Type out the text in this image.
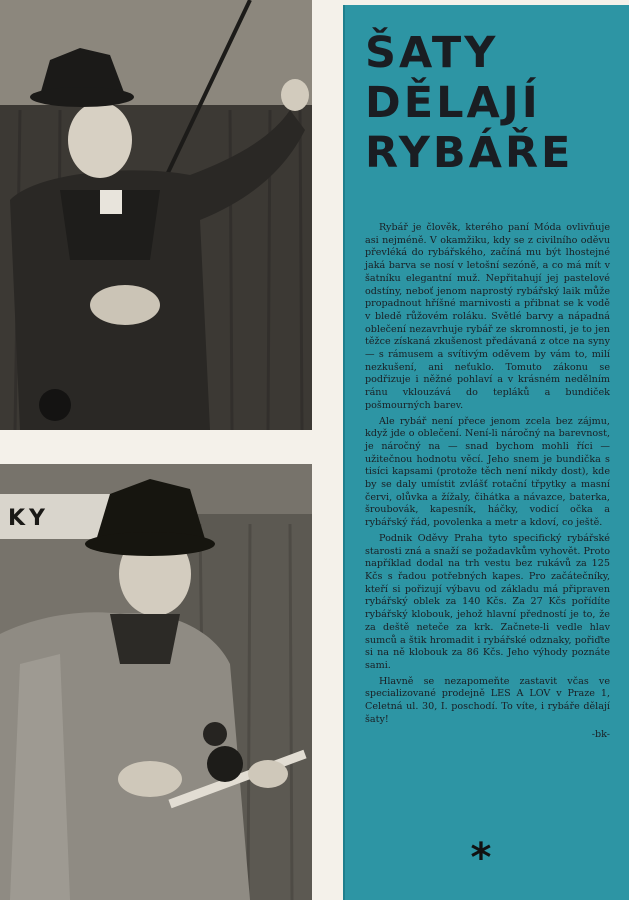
KY
ŠATY
DĚLAJÍ
RYBÁŘE

Rybář je člověk, kterého paní Móda ovlivňuje asi nejméně. V okamžiku, kdy se z civilního oděvu převléká do rybářského, začíná mu být lhostejné jaká barva se nosí v letošní sezóně, a co má mít v šatníku elegantní muž. Nepřitahují jej pastelové odstíny, neboť jenom naprostý rybářský laik může propadnout hříšné marnivosti a přibnat se k vodě v bledě růžovém roláku. Světlé barvy a nápadná oblečení nezavrhuje rybář ze skromnosti, je to jen těžce získaná zkušenost předávaná z otce na syny — s rámusem a svítivým oděvem by vám to, milí nezkušení, ani neťuklo. Tomuto zákonu se podřizuje i něžné pohlaví a v krásném nedělním ránu vklouzává do tepláků a bundiček pošmourných barev.

Ale rybář není přece jenom zcela bez zájmu, když jde o oblečení. Není-li náročný na barevnost, je náročný na — snad bychom mohli říci — užitečnou hodnotu věcí. Jeho snem je bundička s tisíci kapsami (protože těch není nikdy dost), kde by se daly umístit zvlášť rotační třpytky a masní červi, olůvka a žížaly, čihátka a návazce, baterka, šroubovák, kapesník, háčky, vodicí očka a rybářský řád, povolenka a metr a kdoví, co ještě.

Podnik Oděvy Praha tyto specifický rybářské starosti zná a snaží se požadavkům vyhovět. Proto například dodal na trh vestu bez rukávů za 125 Kčs s řadou potřebných kapes. Pro začátečníky, kteří si pořizují výbavu od základu má připraven rybářský oblek za 140 Kčs. Za 27 Kčs pořídíte rybářský klobouk, jehož hlavní předností je to, že za deště neteče za krk. Začnete-li vedle hlav sumců a štik hromadit i rybářské odznaky, pořiďte si na ně klobouk za 86 Kčs. Jeho výhody poznáte sami.

Hlavně se nezapomeňte zastavit včas ve specializované prodejně LES A LOV v Praze 1, Celetná ul. 30, I. poschodí. To víte, i rybáře dělají šaty!

-bk-

*
